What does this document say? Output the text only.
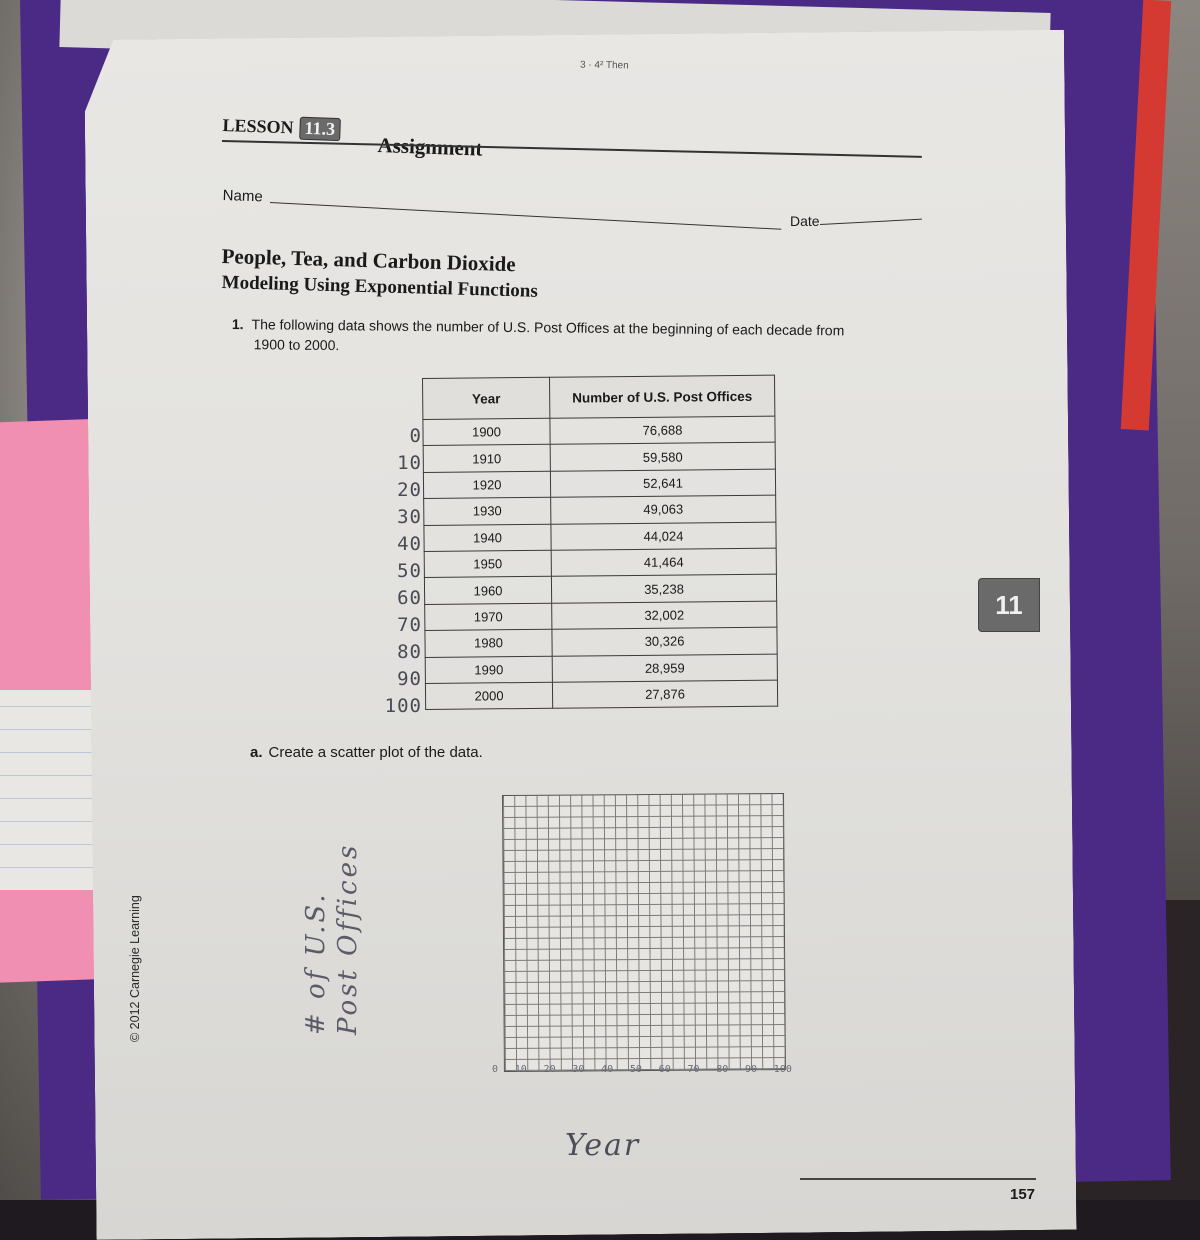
3 · 4² Then
LESSON 11.3
Assignment
Name
Date
People, Tea, and Carbon Dioxide
Modeling Using Exponential Functions
1. The following data shows the number of U.S. Post Offices at the beginning of each decade from
1900 to 2000.
0
10
20
30
40
50
60
70
80
90
100
Year	Number of U.S. Post Offices
1900	76,688
1910	59,580
1920	52,641
1930	49,063
1940	44,024
1950	41,464
1960	35,238
1970	32,002
1980	30,326
1990	28,959
2000	27,876
11
a. Create a scatter plot of the data.
# of U.S. Post Offices
0 10 20 30 40 50 60 70 80 90 100
Year
© 2012 Carnegie Learning
157
